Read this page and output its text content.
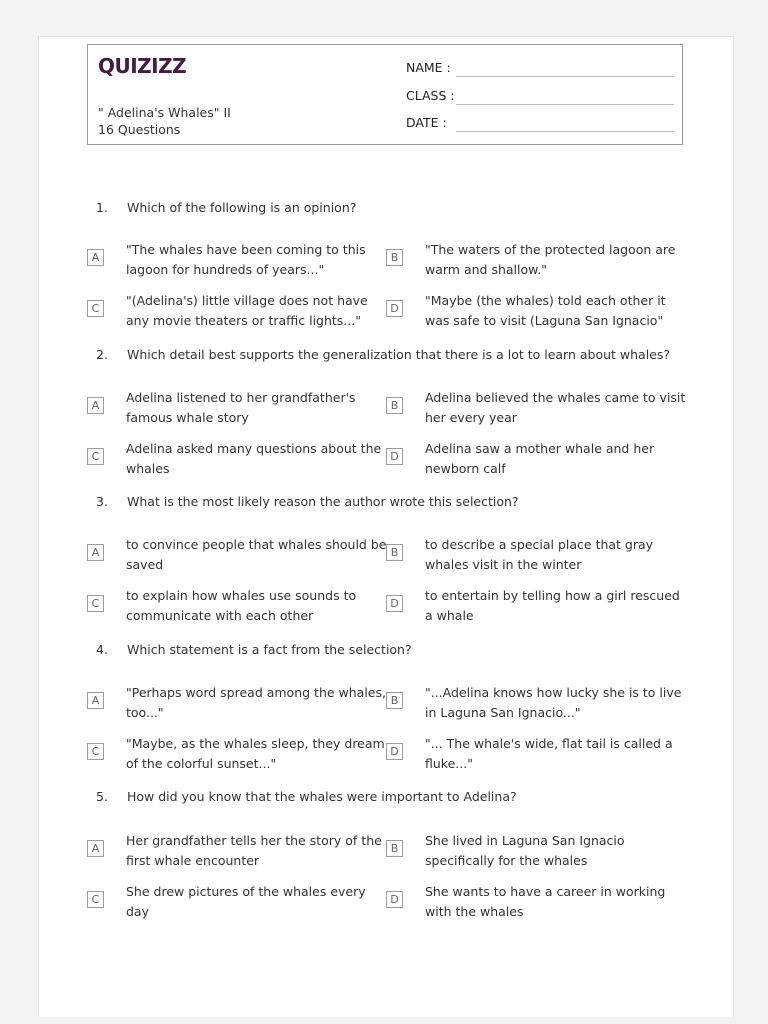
QUIZIZZ
" Adelina's Whales" II
16 Questions
NAME :
CLASS :
DATE :
1. Which of the following is an opinion?
A
"The whales have been coming to this lagoon for hundreds of years..."
B
"The waters of the protected lagoon are warm and shallow."
C
"(Adelina's) little village does not have any movie theaters or traffic lights..."
D
"Maybe (the whales) told each other it was safe to visit (Laguna San Ignacio"
2. Which detail best supports the generalization that there is a lot to learn about whales?
A
Adelina listened to her grandfather's famous whale story
B
Adelina believed the whales came to visit her every year
C
Adelina asked many questions about the whales
D
Adelina saw a mother whale and her newborn calf
3. What is the most likely reason the author wrote this selection?
A
to convince people that whales should be saved
B
to describe a special place that gray whales visit in the winter
C
to explain how whales use sounds to communicate with each other
D
to entertain by telling how a girl rescued a whale
4. Which statement is a fact from the selection?
A
"Perhaps word spread among the whales, too..."
B
"...Adelina knows how lucky she is to live in Laguna San Ignacio..."
C
"Maybe, as the whales sleep, they dream of the colorful sunset..."
D
"... The whale's wide, flat tail is called a fluke..."
5. How did you know that the whales were important to Adelina?
A
Her grandfather tells her the story of the first whale encounter
B
She lived in Laguna San Ignacio specifically for the whales
C
She drew pictures of the whales every day
D
She wants to have a career in working with the whales
